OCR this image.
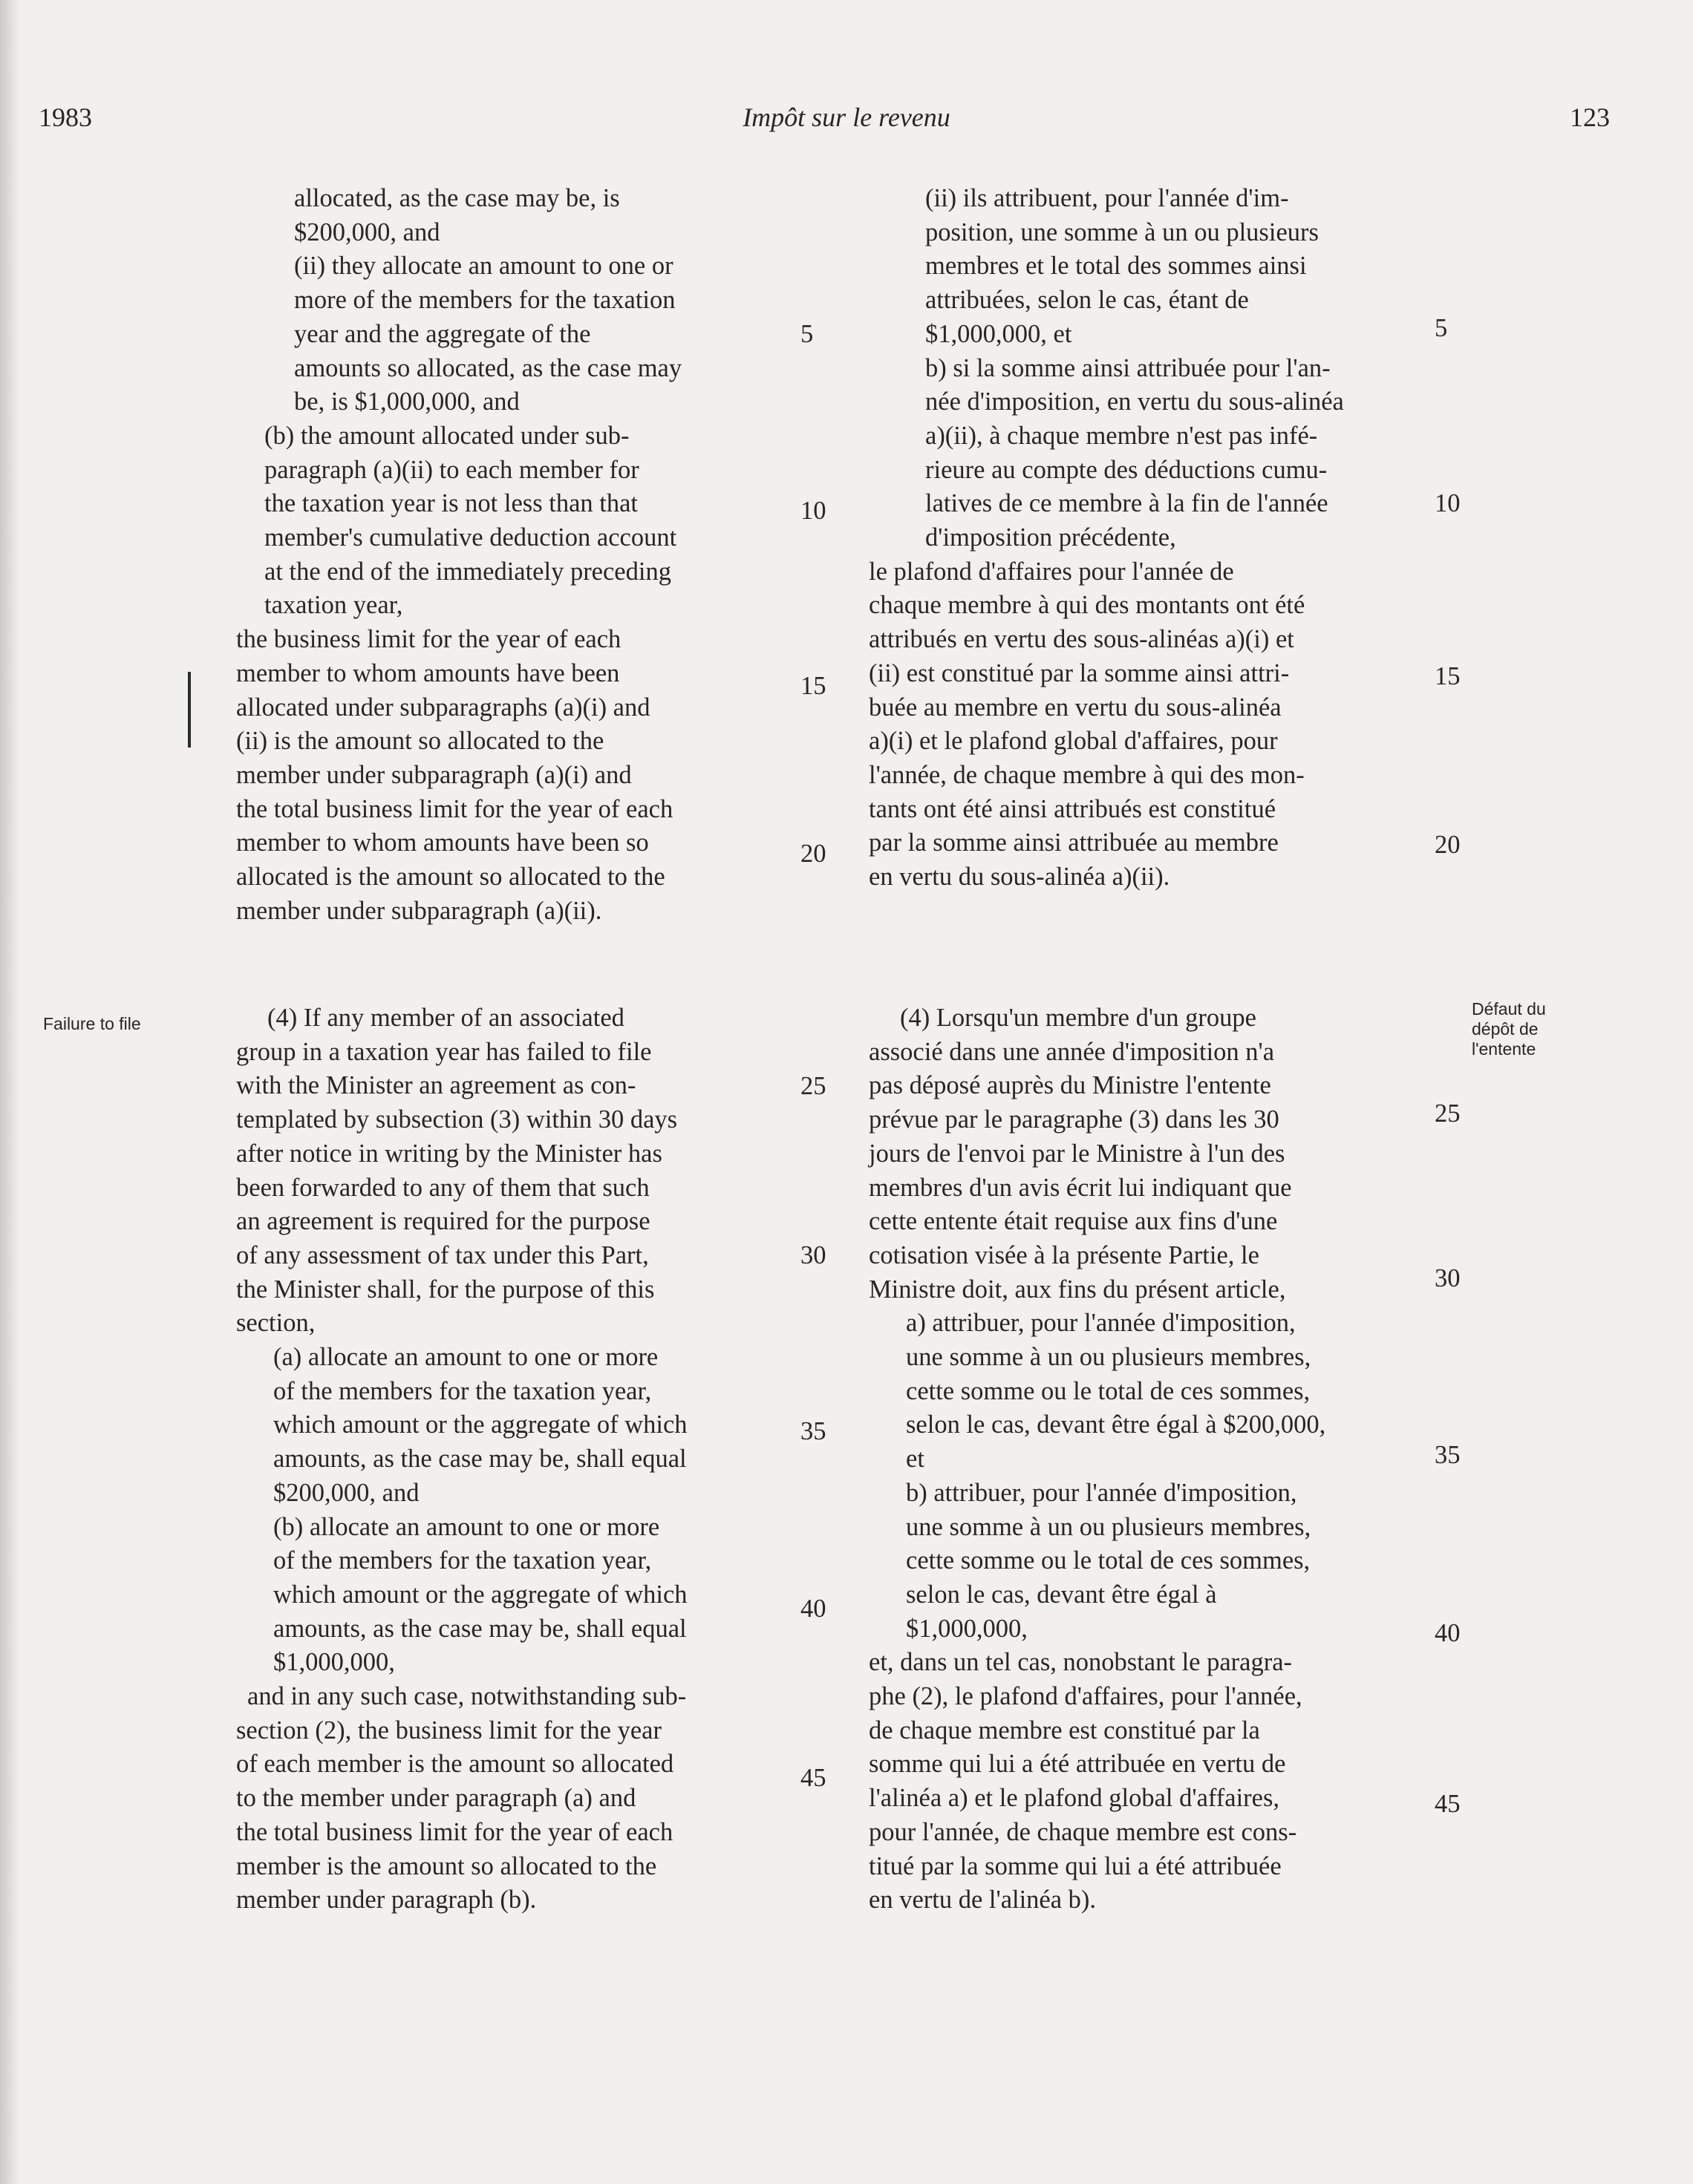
1983	Impôt sur le revenu	123
Failure to file
Défaut du
dépôt de
l'entente
allocated, as the case may be, is
$200,000, and
(ii) they allocate an amount to one or
more of the members for the taxation
year and the aggregate of the
amounts so allocated, as the case may
be, is $1,000,000, and
(b) the amount allocated under sub-
paragraph (a)(ii) to each member for
the taxation year is not less than that
member's cumulative deduction account
at the end of the immediately preceding
taxation year,
the business limit for the year of each
member to whom amounts have been
allocated under subparagraphs (a)(i) and
(ii) is the amount so allocated to the
member under subparagraph (a)(i) and
the total business limit for the year of each
member to whom amounts have been so
allocated is the amount so allocated to the
member under subparagraph (a)(ii).
(4) If any member of an associated
group in a taxation year has failed to file
with the Minister an agreement as con-
templated by subsection (3) within 30 days
after notice in writing by the Minister has
been forwarded to any of them that such
an agreement is required for the purpose
of any assessment of tax under this Part,
the Minister shall, for the purpose of this
section,
(a) allocate an amount to one or more
of the members for the taxation year,
which amount or the aggregate of which
amounts, as the case may be, shall equal
$200,000, and
(b) allocate an amount to one or more
of the members for the taxation year,
which amount or the aggregate of which
amounts, as the case may be, shall equal
$1,000,000,
and in any such case, notwithstanding sub-
section (2), the business limit for the year
of each member is the amount so allocated
to the member under paragraph (a) and
the total business limit for the year of each
member is the amount so allocated to the
member under paragraph (b).
(ii) ils attribuent, pour l'année d'im-
position, une somme à un ou plusieurs
membres et le total des sommes ainsi
attribuées, selon le cas, étant de
$1,000,000, et
b) si la somme ainsi attribuée pour l'an-
née d'imposition, en vertu du sous-alinéa
a)(ii), à chaque membre n'est pas infé-
rieure au compte des déductions cumu-
latives de ce membre à la fin de l'année
d'imposition précédente,
le plafond d'affaires pour l'année de
chaque membre à qui des montants ont été
attribués en vertu des sous-alinéas a)(i) et
(ii) est constitué par la somme ainsi attri-
buée au membre en vertu du sous-alinéa
a)(i) et le plafond global d'affaires, pour
l'année, de chaque membre à qui des mon-
tants ont été ainsi attribués est constitué
par la somme ainsi attribuée au membre
en vertu du sous-alinéa a)(ii).
(4) Lorsqu'un membre d'un groupe
associé dans une année d'imposition n'a
pas déposé auprès du Ministre l'entente
prévue par le paragraphe (3) dans les 30
jours de l'envoi par le Ministre à l'un des
membres d'un avis écrit lui indiquant que
cette entente était requise aux fins d'une
cotisation visée à la présente Partie, le
Ministre doit, aux fins du présent article,
a) attribuer, pour l'année d'imposition,
une somme à un ou plusieurs membres,
cette somme ou le total de ces sommes,
selon le cas, devant être égal à $200,000,
et
b) attribuer, pour l'année d'imposition,
une somme à un ou plusieurs membres,
cette somme ou le total de ces sommes,
selon le cas, devant être égal à
$1,000,000,
et, dans un tel cas, nonobstant le paragra-
phe (2), le plafond d'affaires, pour l'année,
de chaque membre est constitué par la
somme qui lui a été attribuée en vertu de
l'alinéa a) et le plafond global d'affaires,
pour l'année, de chaque membre est cons-
titué par la somme qui lui a été attribuée
en vertu de l'alinéa b).
5
10
15
20
25
30
35
40
45
5
10
15
20
25
30
35
40
45
